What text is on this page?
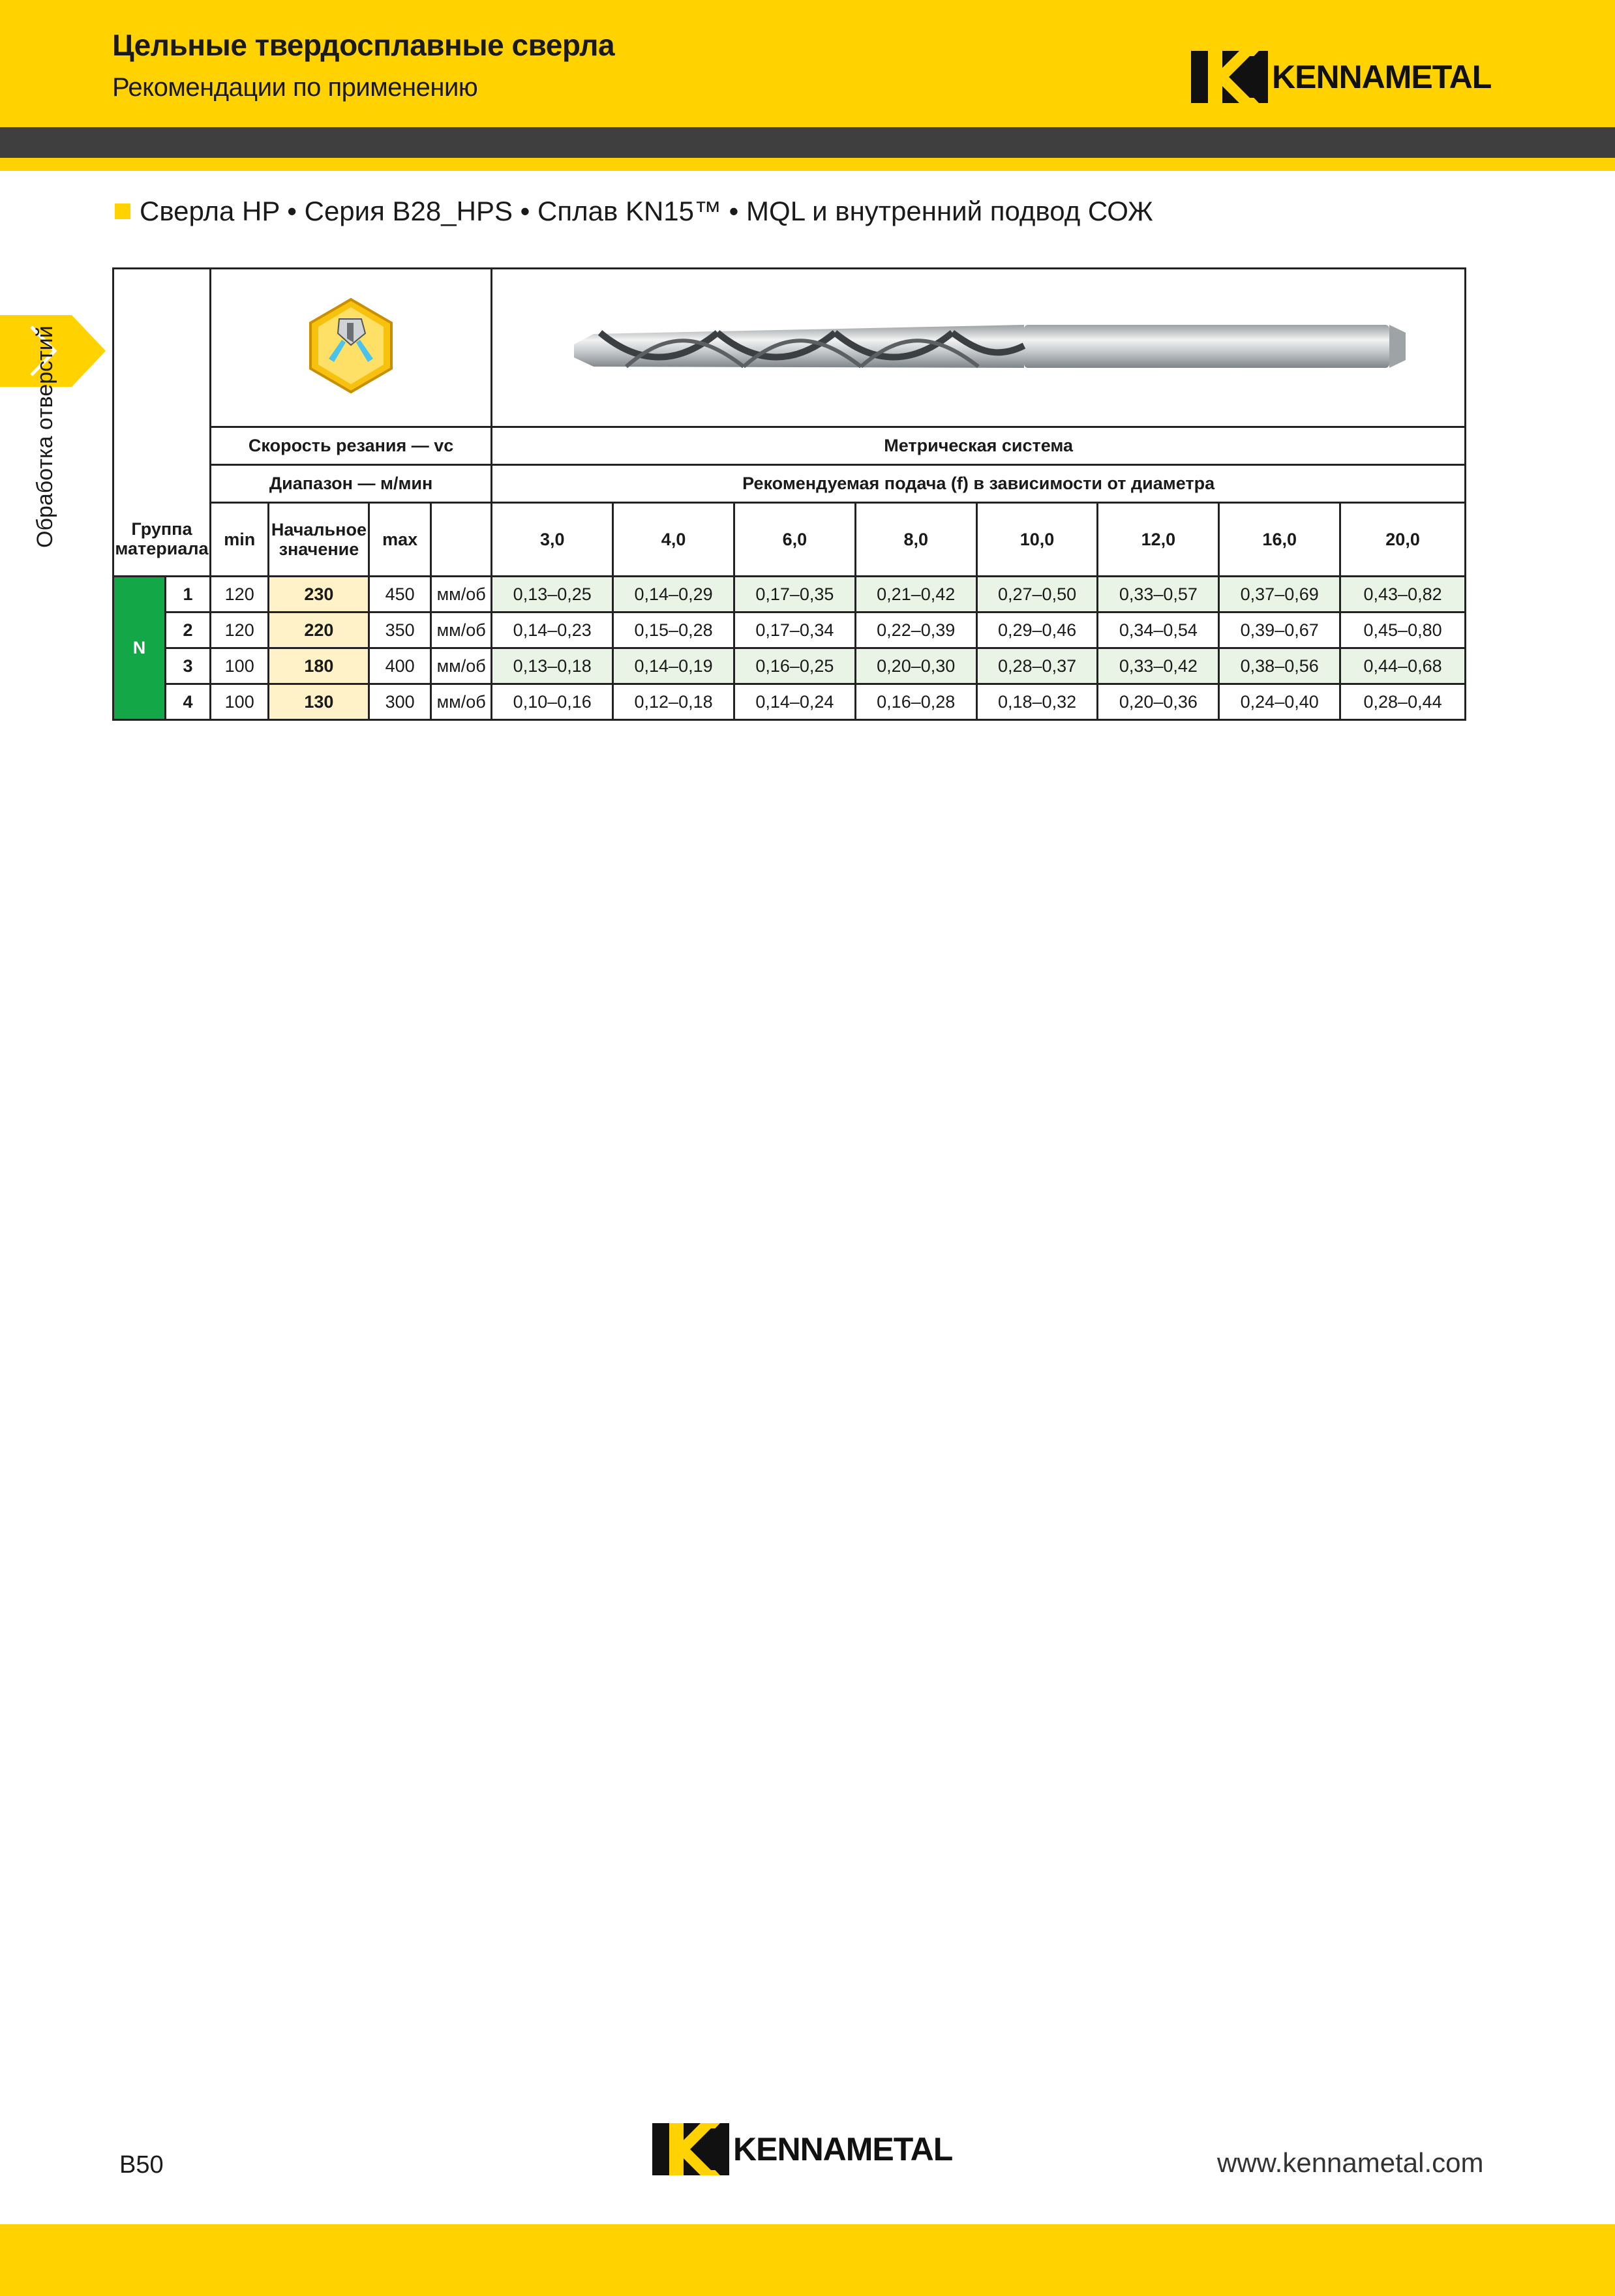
Цельные твердосплавные сверла
Рекомендации по применению	KENNAMETAL
Сверла HP • Серия B28_HPS • Сплав KN15™ • MQL и внутренний подвод СОЖ
Обработка отверстий

		Скорость резания — vc				Метрическая система							
		Диапазон — м/мин				Рекомендуемая подача (f) в зависимости от диаметра							
Группа материала		min	Начальное значение	max		3,0	4,0	6,0	8,0	10,0	12,0	16,0	20,0
N	1	120	230	450	мм/об	0,13–0,25	0,14–0,29	0,17–0,35	0,21–0,42	0,27–0,50	0,33–0,57	0,37–0,69	0,43–0,82
	2	120	220	350	мм/об	0,14–0,23	0,15–0,28	0,17–0,34	0,22–0,39	0,29–0,46	0,34–0,54	0,39–0,67	0,45–0,80
	3	100	180	400	мм/об	0,13–0,18	0,14–0,19	0,16–0,25	0,20–0,30	0,28–0,37	0,33–0,42	0,38–0,56	0,44–0,68
	4	100	130	300	мм/об	0,10–0,16	0,12–0,18	0,14–0,24	0,16–0,28	0,18–0,32	0,20–0,36	0,24–0,40	0,28–0,44
B50	KENNAMETAL	www.kennametal.com
